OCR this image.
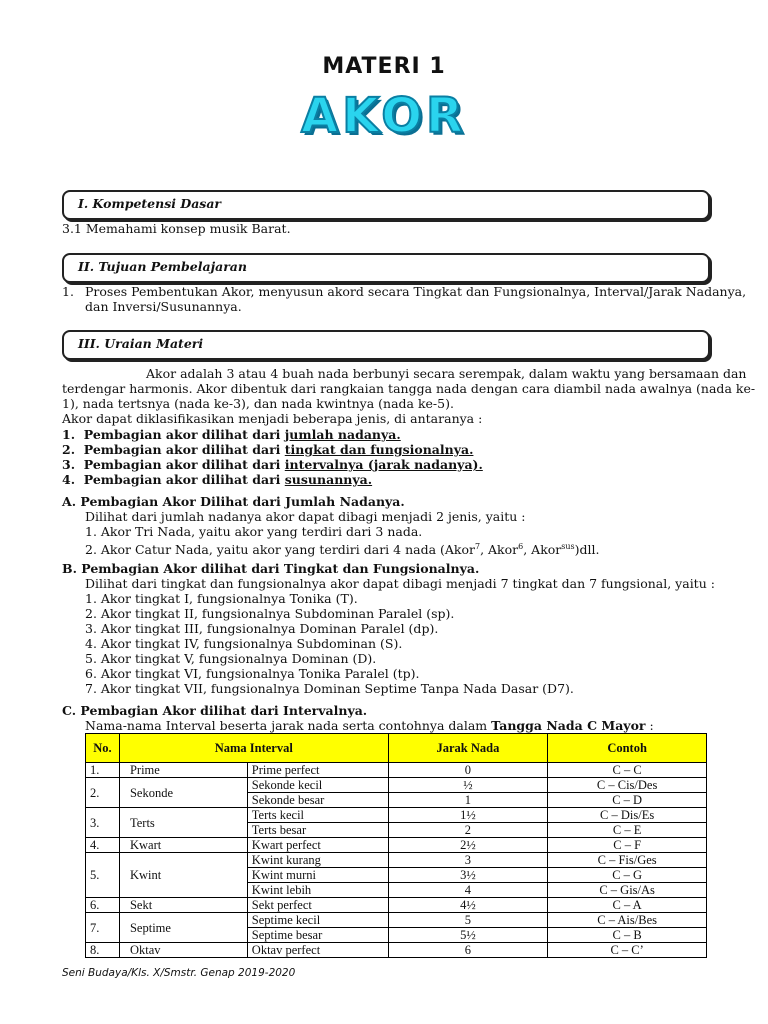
MATERI 1
AKOR
I. Kompetensi Dasar
3.1 Memahami konsep musik Barat.
II. Tujuan Pembelajaran
1. Proses Pembentukan Akor, menyusun akord secara Tingkat dan Fungsionalnya, Interval/Jarak Nadanya,
dan Inversi/Susunannya.
III. Uraian Materi
Akor adalah 3 atau 4 buah nada berbunyi secara serempak, dalam waktu yang bersamaan dan
terdengar harmonis. Akor dibentuk dari rangkaian tangga nada dengan cara diambil nada awalnya (nada ke-
1), nada tertsnya (nada ke-3), dan nada kwintnya (nada ke-5).
Akor dapat diklasifikasikan menjadi beberapa jenis, di antaranya :
1. Pembagian akor dilihat dari jumlah nadanya.
2. Pembagian akor dilihat dari tingkat dan fungsionalnya.
3. Pembagian akor dilihat dari intervalnya (jarak nadanya).
4. Pembagian akor dilihat dari susunannya.
A. Pembagian Akor Dilihat dari Jumlah Nadanya.
Dilihat dari jumlah nadanya akor dapat dibagi menjadi 2 jenis, yaitu :
1. Akor Tri Nada, yaitu akor yang terdiri dari 3 nada.
2. Akor Catur Nada, yaitu akor yang terdiri dari 4 nada (Akor$^7$, Akor$^6$, Akor$^{sus}$)dll.
B. Pembagian Akor dilihat dari Tingkat dan Fungsionalnya.
Dilihat dari tingkat dan fungsionalnya akor dapat dibagi menjadi 7 tingkat dan 7 fungsional, yaitu :
1. Akor tingkat I, fungsionalnya Tonika (T).
2. Akor tingkat II, fungsionalnya Subdominan Paralel (sp).
3. Akor tingkat III, fungsionalnya Dominan Paralel (dp).
4. Akor tingkat IV, fungsionalnya Subdominan (S).
5. Akor tingkat V, fungsionalnya Dominan (D).
6. Akor tingkat VI, fungsionalnya Tonika Paralel (tp).
7. Akor tingkat VII, fungsionalnya Dominan Septime Tanpa Nada Dasar (D7).
C. Pembagian Akor dilihat dari Intervalnya.
Nama-nama Interval beserta jarak nada serta contohnya dalam Tangga Nada C Mayor :
No.	Nama Interval		Jarak Nada	Contoh
1.	Prime	Prime perfect	0	C – C
2.	Sekonde	Sekonde kecil	½	C – Cis/Des
		Sekonde besar	1	C – D
3.	Terts	Terts kecil	1½	C – Dis/Es
		Terts besar	2	C – E
4.	Kwart	Kwart perfect	2½	C – F
5.	Kwint	Kwint kurang	3	C – Fis/Ges
		Kwint murni	3½	C – G
		Kwint lebih	4	C – Gis/As
6.	Sekt	Sekt perfect	4½	C – A
7.	Septime	Septime kecil	5	C – Ais/Bes
		Septime besar	5½	C – B
8.	Oktav	Oktav perfect	6	C – C’
Seni Budaya/Kls. X/Smstr. Genap 2019-2020
